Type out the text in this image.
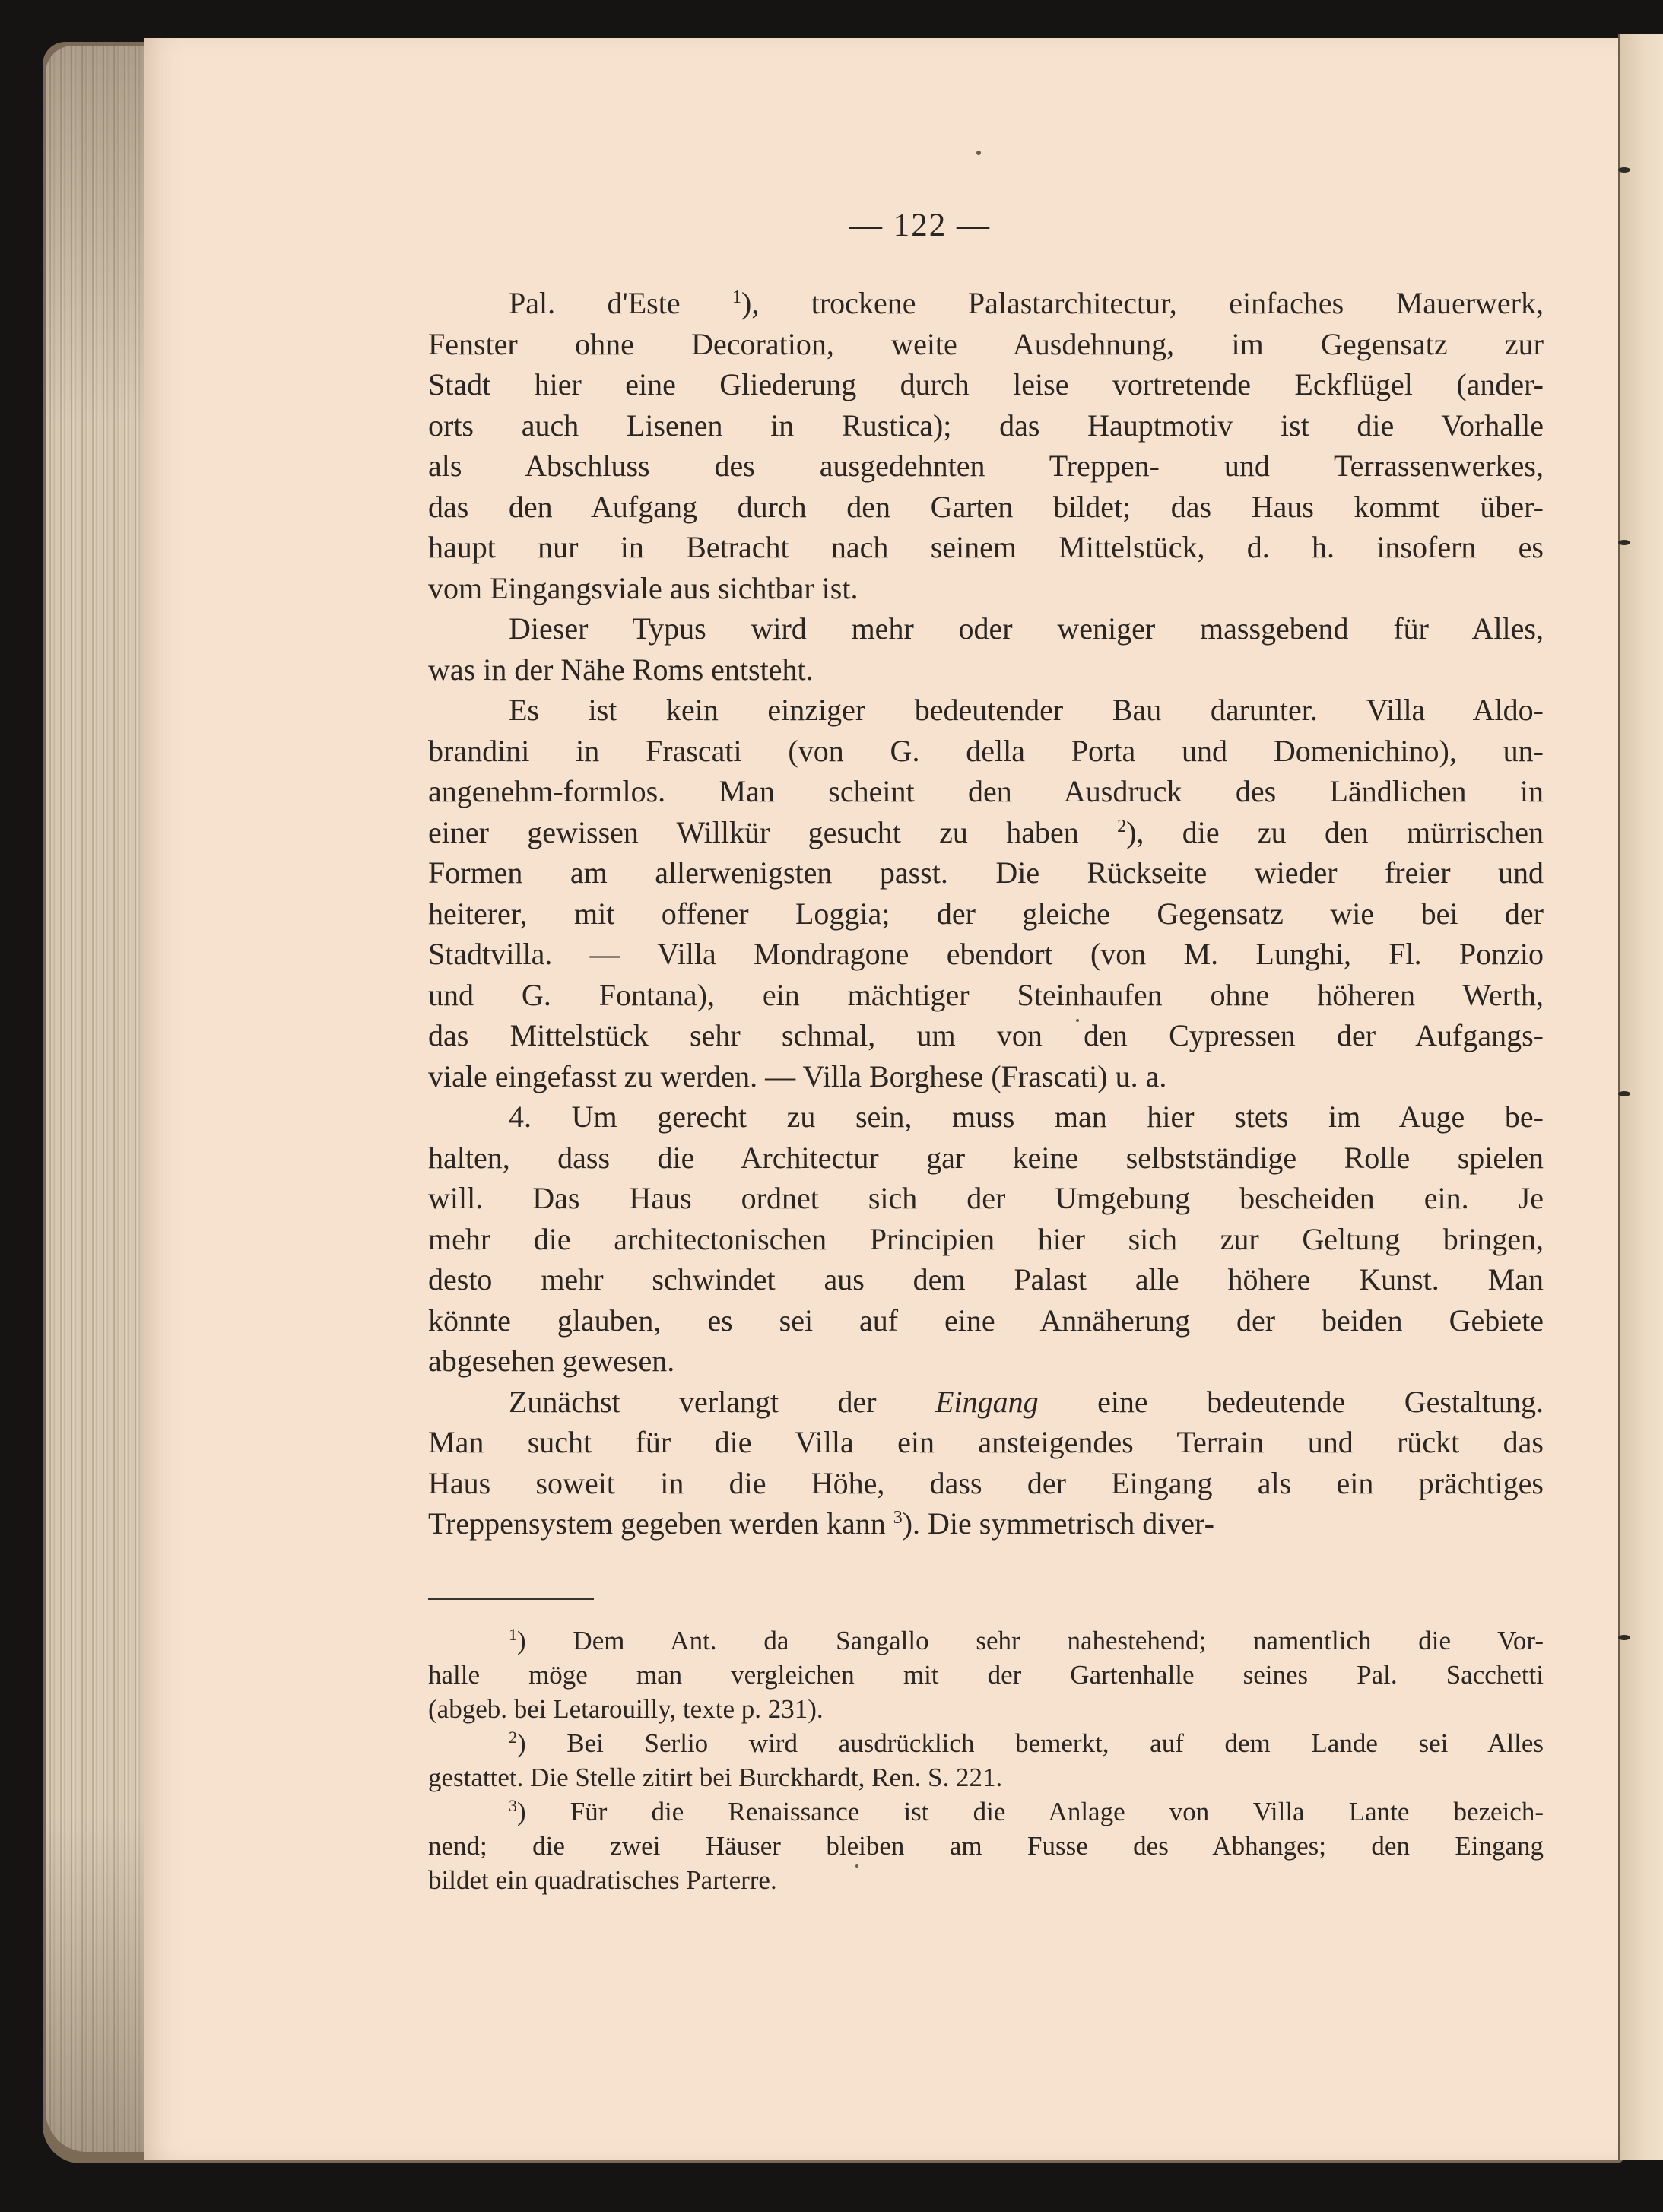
— 122 —
Pal. d'Este $^1$), trockene Palastarchitectur, einfaches Mauerwerk,
Fenster ohne Decoration, weite Ausdehnung, im Gegensatz zur
Stadt hier eine Gliederung durch leise vortretende Eckflügel (ander-
orts auch Lisenen in Rustica); das Hauptmotiv ist die Vorhalle
als Abschluss des ausgedehnten Treppen- und Terrassenwerkes,
das den Aufgang durch den Garten bildet; das Haus kommt über-
haupt nur in Betracht nach seinem Mittelstück, d. h. insofern es
vom Eingangsviale aus sichtbar ist.
Dieser Typus wird mehr oder weniger massgebend für Alles,
was in der Nähe Roms entsteht.
Es ist kein einziger bedeutender Bau darunter. Villa Aldo-
brandini in Frascati (von G. della Porta und Domenichino), un-
angenehm-formlos. Man scheint den Ausdruck des Ländlichen in
einer gewissen Willkür gesucht zu haben $^2$), die zu den mürrischen
Formen am allerwenigsten passt. Die Rückseite wieder freier und
heiterer, mit offener Loggia; der gleiche Gegensatz wie bei der
Stadtvilla. — Villa Mondragone ebendort (von M. Lunghi, Fl. Ponzio
und G. Fontana), ein mächtiger Steinhaufen ohne höheren Werth,
das Mittelstück sehr schmal, um von den Cypressen der Aufgangs-
viale eingefasst zu werden. — Villa Borghese (Frascati) u. a.
4. Um gerecht zu sein, muss man hier stets im Auge be-
halten, dass die Architectur gar keine selbstständige Rolle spielen
will. Das Haus ordnet sich der Umgebung bescheiden ein. Je
mehr die architectonischen Principien hier sich zur Geltung bringen,
desto mehr schwindet aus dem Palast alle höhere Kunst. Man
könnte glauben, es sei auf eine Annäherung der beiden Gebiete
abgesehen gewesen.
Zunächst verlangt der Eingang eine bedeutende Gestaltung.
Man sucht für die Villa ein ansteigendes Terrain und rückt das
Haus soweit in die Höhe, dass der Eingang als ein prächtiges
Treppensystem gegeben werden kann $^3$). Die symmetrisch diver-
$^1$) Dem Ant. da Sangallo sehr nahestehend; namentlich die Vor-
halle möge man vergleichen mit der Gartenhalle seines Pal. Sacchetti
(abgeb. bei Letarouilly, texte p. 231).
$^2$) Bei Serlio wird ausdrücklich bemerkt, auf dem Lande sei Alles
gestattet. Die Stelle zitirt bei Burckhardt, Ren. S. 221.
$^3$) Für die Renaissance ist die Anlage von Villa Lante bezeich-
nend; die zwei Häuser bleiben am Fusse des Abhanges; den Eingang
bildet ein quadratisches Parterre.
